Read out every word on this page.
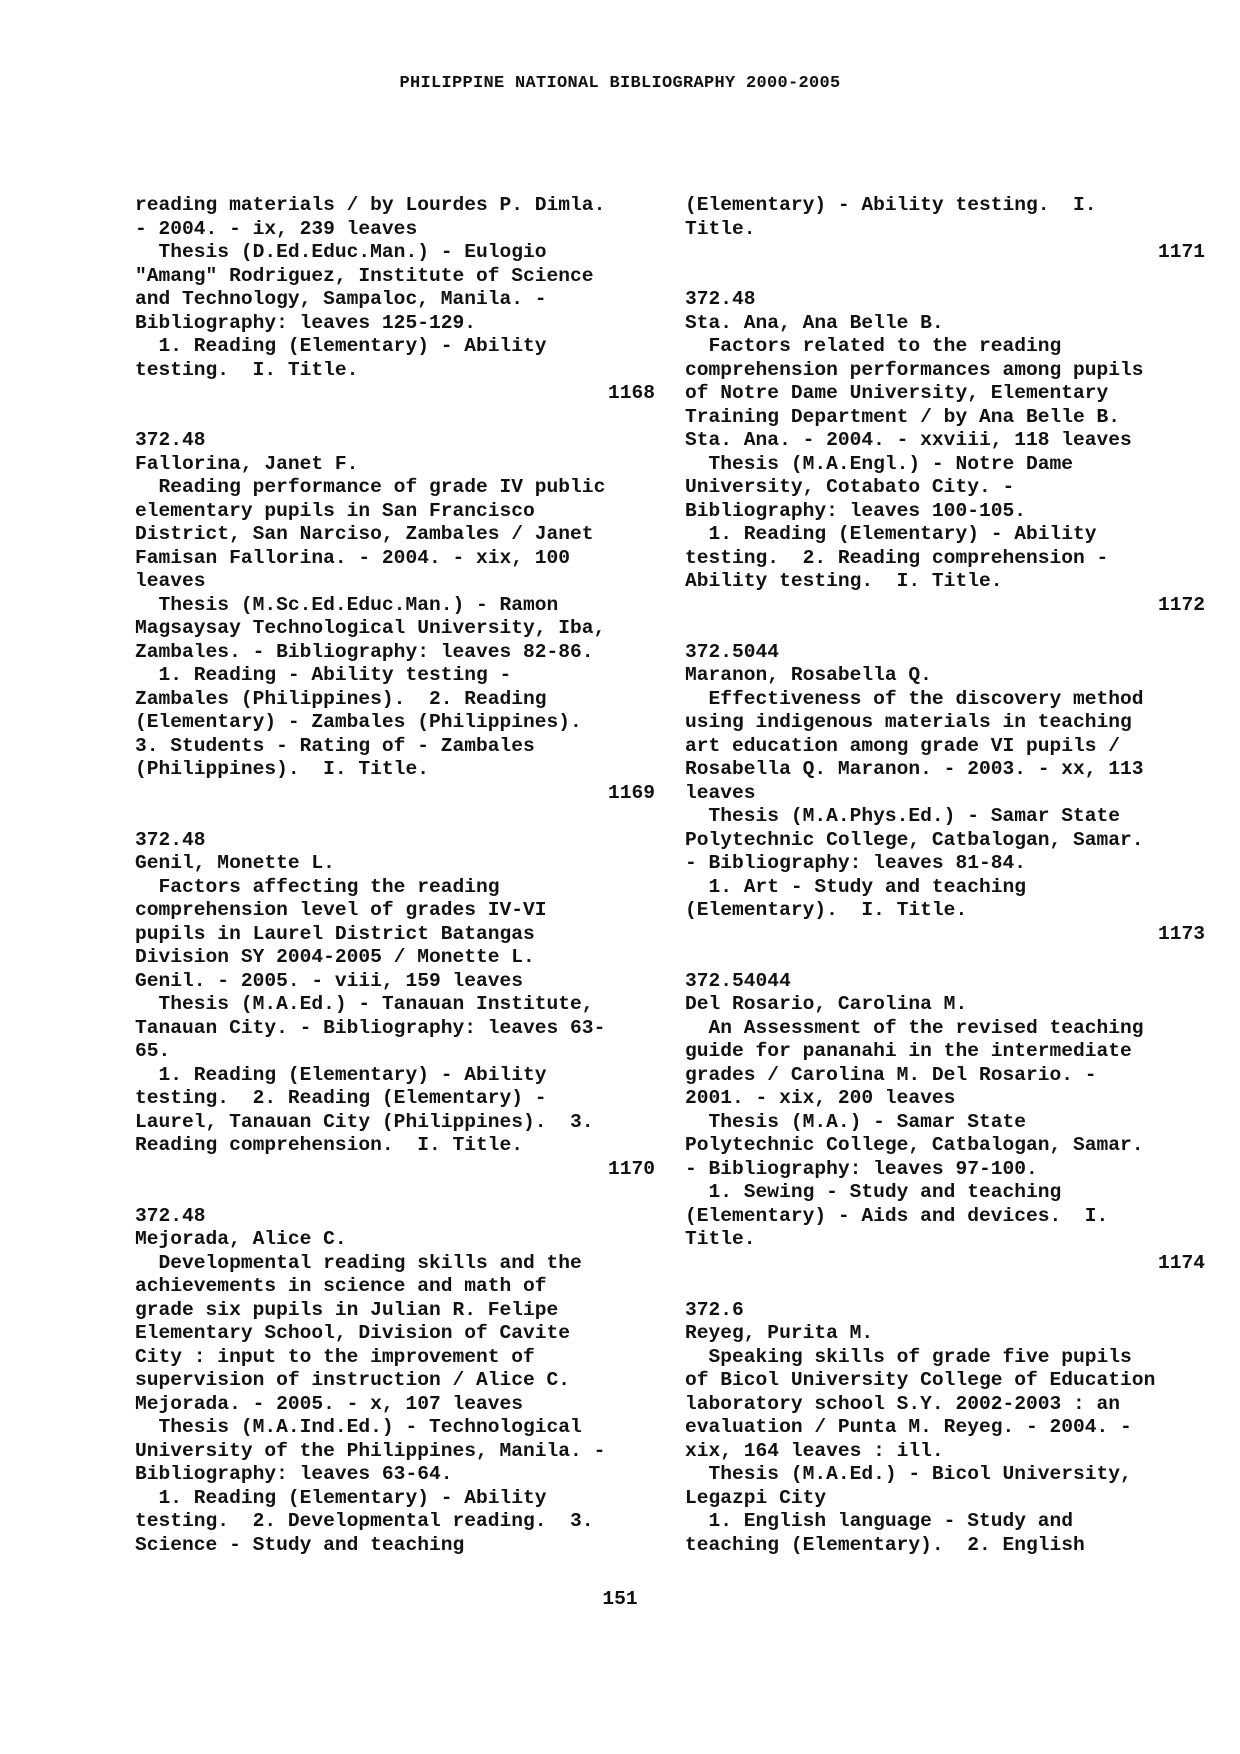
PHILIPPINE NATIONAL BIBLIOGRAPHY 2000-2005
reading materials / by Lourdes P. Dimla.
- 2004. - ix, 239 leaves
Thesis (D.Ed.Educ.Man.) - Eulogio
"Amang" Rodriguez, Institute of Science
and Technology, Sampaloc, Manila. -
Bibliography: leaves 125-129.
1. Reading (Elementary) - Ability
testing.  I. Title.
1168
372.48
Fallorina, Janet F.
Reading performance of grade IV public
elementary pupils in San Francisco
District, San Narciso, Zambales / Janet
Famisan Fallorina. - 2004. - xix, 100
leaves
Thesis (M.Sc.Ed.Educ.Man.) - Ramon
Magsaysay Technological University, Iba,
Zambales. - Bibliography: leaves 82-86.
1. Reading - Ability testing -
Zambales (Philippines).  2. Reading
(Elementary) - Zambales (Philippines).
3. Students - Rating of - Zambales
(Philippines).  I. Title.
1169
372.48
Genil, Monette L.
Factors affecting the reading
comprehension level of grades IV-VI
pupils in Laurel District Batangas
Division SY 2004-2005 / Monette L.
Genil. - 2005. - viii, 159 leaves
Thesis (M.A.Ed.) - Tanauan Institute,
Tanauan City. - Bibliography: leaves 63-
65.
1. Reading (Elementary) - Ability
testing.  2. Reading (Elementary) -
Laurel, Tanauan City (Philippines).  3.
Reading comprehension.  I. Title.
1170
372.48
Mejorada, Alice C.
Developmental reading skills and the
achievements in science and math of
grade six pupils in Julian R. Felipe
Elementary School, Division of Cavite
City : input to the improvement of
supervision of instruction / Alice C.
Mejorada. - 2005. - x, 107 leaves
Thesis (M.A.Ind.Ed.) - Technological
University of the Philippines, Manila. -
Bibliography: leaves 63-64.
1. Reading (Elementary) - Ability
testing.  2. Developmental reading.  3.
Science - Study and teaching
(Elementary) - Ability testing.  I.
Title.
1171
372.48
Sta. Ana, Ana Belle B.
Factors related to the reading
comprehension performances among pupils
of Notre Dame University, Elementary
Training Department / by Ana Belle B.
Sta. Ana. - 2004. - xxviii, 118 leaves
Thesis (M.A.Engl.) - Notre Dame
University, Cotabato City. -
Bibliography: leaves 100-105.
1. Reading (Elementary) - Ability
testing.  2. Reading comprehension -
Ability testing.  I. Title.
1172
372.5044
Maranon, Rosabella Q.
Effectiveness of the discovery method
using indigenous materials in teaching
art education among grade VI pupils /
Rosabella Q. Maranon. - 2003. - xx, 113
leaves
Thesis (M.A.Phys.Ed.) - Samar State
Polytechnic College, Catbalogan, Samar.
- Bibliography: leaves 81-84.
1. Art - Study and teaching
(Elementary).  I. Title.
1173
372.54044
Del Rosario, Carolina M.
An Assessment of the revised teaching
guide for pananahi in the intermediate
grades / Carolina M. Del Rosario. -
2001. - xix, 200 leaves
Thesis (M.A.) - Samar State
Polytechnic College, Catbalogan, Samar.
- Bibliography: leaves 97-100.
1. Sewing - Study and teaching
(Elementary) - Aids and devices.  I.
Title.
1174
372.6
Reyeg, Purita M.
Speaking skills of grade five pupils
of Bicol University College of Education
laboratory school S.Y. 2002-2003 : an
evaluation / Punta M. Reyeg. - 2004. -
xix, 164 leaves : ill.
Thesis (M.A.Ed.) - Bicol University,
Legazpi City
1. English language - Study and
teaching (Elementary).  2. English
151
